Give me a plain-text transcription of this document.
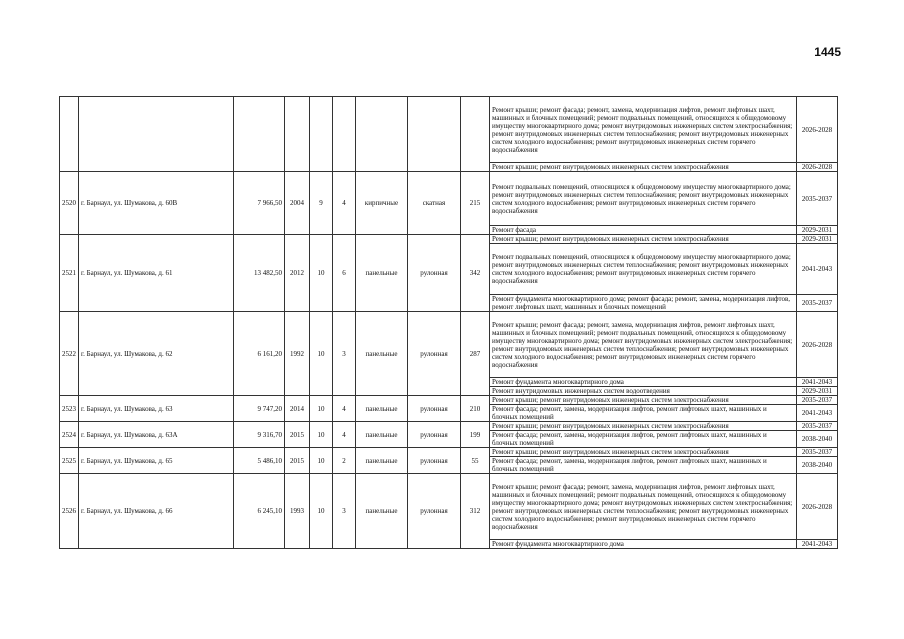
1445
									Ремонт крыши; ремонт фасада; ремонт, замена, модернизация лифтов, ремонт лифтовых шахт, машинных и блочных помещений; ремонт подвальных помещений, относящихся к общедомовому имуществу многоквартирного дома; ремонт внутридомовых инженерных систем электроснабжения; ремонт внутридомовых инженерных систем теплоснабжения; ремонт внутридомовых инженерных систем холодного водоснабжения; ремонт внутридомовых инженерных систем горячего водоснабжения	2026-2028
									Ремонт крыши; ремонт внутридомовых инженерных систем электроснабжения	2026-2028
2520	г. Барнаул, ул. Шумакова, д. 60В	7 966,50	2004	9	4	кирпичные	скатная	215	Ремонт подвальных помещений, относящихся к общедомовому имуществу многоквартирного дома; ремонт внутридомовых инженерных систем теплоснабжения; ремонт внутридомовых инженерных систем холодного водоснабжения; ремонт внутридомовых инженерных систем горячего водоснабжения	2035-2037
									Ремонт фасада	2029-2031
2521	г. Барнаул, ул. Шумакова, д. 61	13 482,50	2012	10	6	панельные	рулонная	342	Ремонт крыши; ремонт внутридомовых инженерных систем электроснабжения	2029-2031
									Ремонт подвальных помещений, относящихся к общедомовому имуществу многоквартирного дома; ремонт внутридомовых инженерных систем теплоснабжения; ремонт внутридомовых инженерных систем холодного водоснабжения; ремонт внутридомовых инженерных систем горячего водоснабжения	2041-2043
									Ремонт фундамента многоквартирного дома; ремонт фасада; ремонт, замена, модернизация лифтов, ремонт лифтовых шахт, машинных и блочных помещений	2035-2037
2522	г. Барнаул, ул. Шумакова, д. 62	6 161,20	1992	10	3	панельные	рулонная	287	Ремонт крыши; ремонт фасада; ремонт, замена, модернизация лифтов, ремонт лифтовых шахт, машинных и блочных помещений; ремонт подвальных помещений, относящихся к общедомовому имуществу многоквартирного дома; ремонт внутридомовых инженерных систем электроснабжения; ремонт внутридомовых инженерных систем теплоснабжения; ремонт внутридомовых инженерных систем холодного водоснабжения; ремонт внутридомовых инженерных систем горячего водоснабжения	2026-2028
									Ремонт фундамента многоквартирного дома	2041-2043
									Ремонт внутридомовых инженерных систем водоотведения	2029-2031
2523	г. Барнаул, ул. Шумакова, д. 63	9 747,20	2014	10	4	панельные	рулонная	210	Ремонт крыши; ремонт внутридомовых инженерных систем электроснабжения	2035-2037
									Ремонт фасада; ремонт, замена, модернизация лифтов, ремонт лифтовых шахт, машинных и блочных помещений	2041-2043
2524	г. Барнаул, ул. Шумакова, д. 63А	9 316,70	2015	10	4	панельные	рулонная	199	Ремонт крыши; ремонт внутридомовых инженерных систем электроснабжения	2035-2037
									Ремонт фасада; ремонт, замена, модернизация лифтов, ремонт лифтовых шахт, машинных и блочных помещений	2038-2040
2525	г. Барнаул, ул. Шумакова, д. 65	5 486,10	2015	10	2	панельные	рулонная	55	Ремонт крыши; ремонт внутридомовых инженерных систем электроснабжения	2035-2037
									Ремонт фасада; ремонт, замена, модернизация лифтов, ремонт лифтовых шахт, машинных и блочных помещений	2038-2040
2526	г. Барнаул, ул. Шумакова, д. 66	6 245,10	1993	10	3	панельные	рулонная	312	Ремонт крыши; ремонт фасада; ремонт, замена, модернизация лифтов, ремонт лифтовых шахт, машинных и блочных помещений; ремонт подвальных помещений, относящихся к общедомовому имуществу многоквартирного дома; ремонт внутридомовых инженерных систем электроснабжения; ремонт внутридомовых инженерных систем теплоснабжения; ремонт внутридомовых инженерных систем холодного водоснабжения; ремонт внутридомовых инженерных систем горячего водоснабжения	2026-2028
									Ремонт фундамента многоквартирного дома	2041-2043
